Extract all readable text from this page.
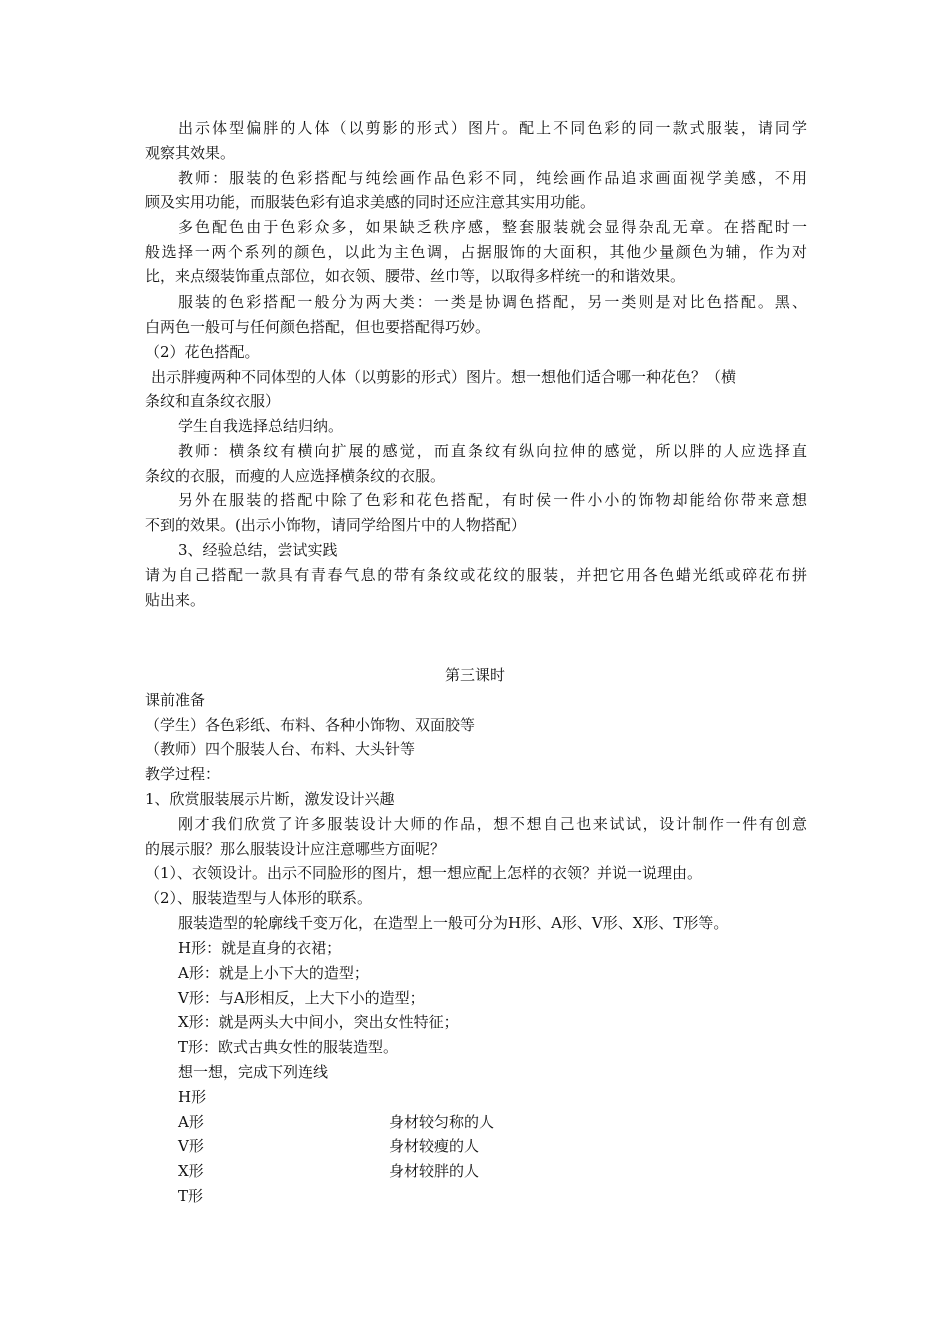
出示体型偏胖的人体（以剪影的形式）图片。配上不同色彩的同一款式服装，请同学
观察其效果。
教师：服装的色彩搭配与纯绘画作品色彩不同，纯绘画作品追求画面视学美感，不用
顾及实用功能，而服装色彩有追求美感的同时还应注意其实用功能。
多色配色由于色彩众多，如果缺乏秩序感，整套服装就会显得杂乱无章。在搭配时一
般选择一两个系列的颜色，以此为主色调，占据服饰的大面积，其他少量颜色为辅，作为对
比，来点缀装饰重点部位，如衣领、腰带、丝巾等，以取得多样统一的和谐效果。
服装的色彩搭配一般分为两大类：一类是协调色搭配，另一类则是对比色搭配。黑、
白两色一般可与任何颜色搭配，但也要搭配得巧妙。
（2）花色搭配。
出示胖瘦两种不同体型的人体（以剪影的形式）图片。想一想他们适合哪一种花色？（横
条纹和直条纹衣服）
学生自我选择总结归纳。
教师：横条纹有横向扩展的感觉，而直条纹有纵向拉伸的感觉，所以胖的人应选择直
条纹的衣服，而瘦的人应选择横条纹的衣服。
另外在服装的搭配中除了色彩和花色搭配，有时侯一件小小的饰物却能给你带来意想
不到的效果。(出示小饰物，请同学给图片中的人物搭配）
3、经验总结，尝试实践
请为自己搭配一款具有青春气息的带有条纹或花纹的服装，并把它用各色蜡光纸或碎花布拼
贴出来。
第三课时
课前准备
（学生）各色彩纸、布料、各种小饰物、双面胶等
（教师）四个服装人台、布料、大头针等
教学过程：
1、欣赏服装展示片断，激发设计兴趣
刚才我们欣赏了许多服装设计大师的作品，想不想自己也来试试，设计制作一件有创意
的展示服？那么服装设计应注意哪些方面呢？
（1）、衣领设计。出示不同脸形的图片，想一想应配上怎样的衣领？并说一说理由。
（2）、服装造型与人体形的联系。
服装造型的轮廓线千变万化，在造型上一般可分为H形、A形、V形、X形、T形等。
H形：就是直身的衣裙；
A形：就是上小下大的造型；
V形：与A形相反，上大下小的造型；
X形：就是两头大中间小，突出女性特征；
T形：欧式古典女性的服装造型。
想一想，完成下列连线
H形
A形
V形
X形
T形
身材较匀称的人
身材较瘦的人
身材较胖的人
